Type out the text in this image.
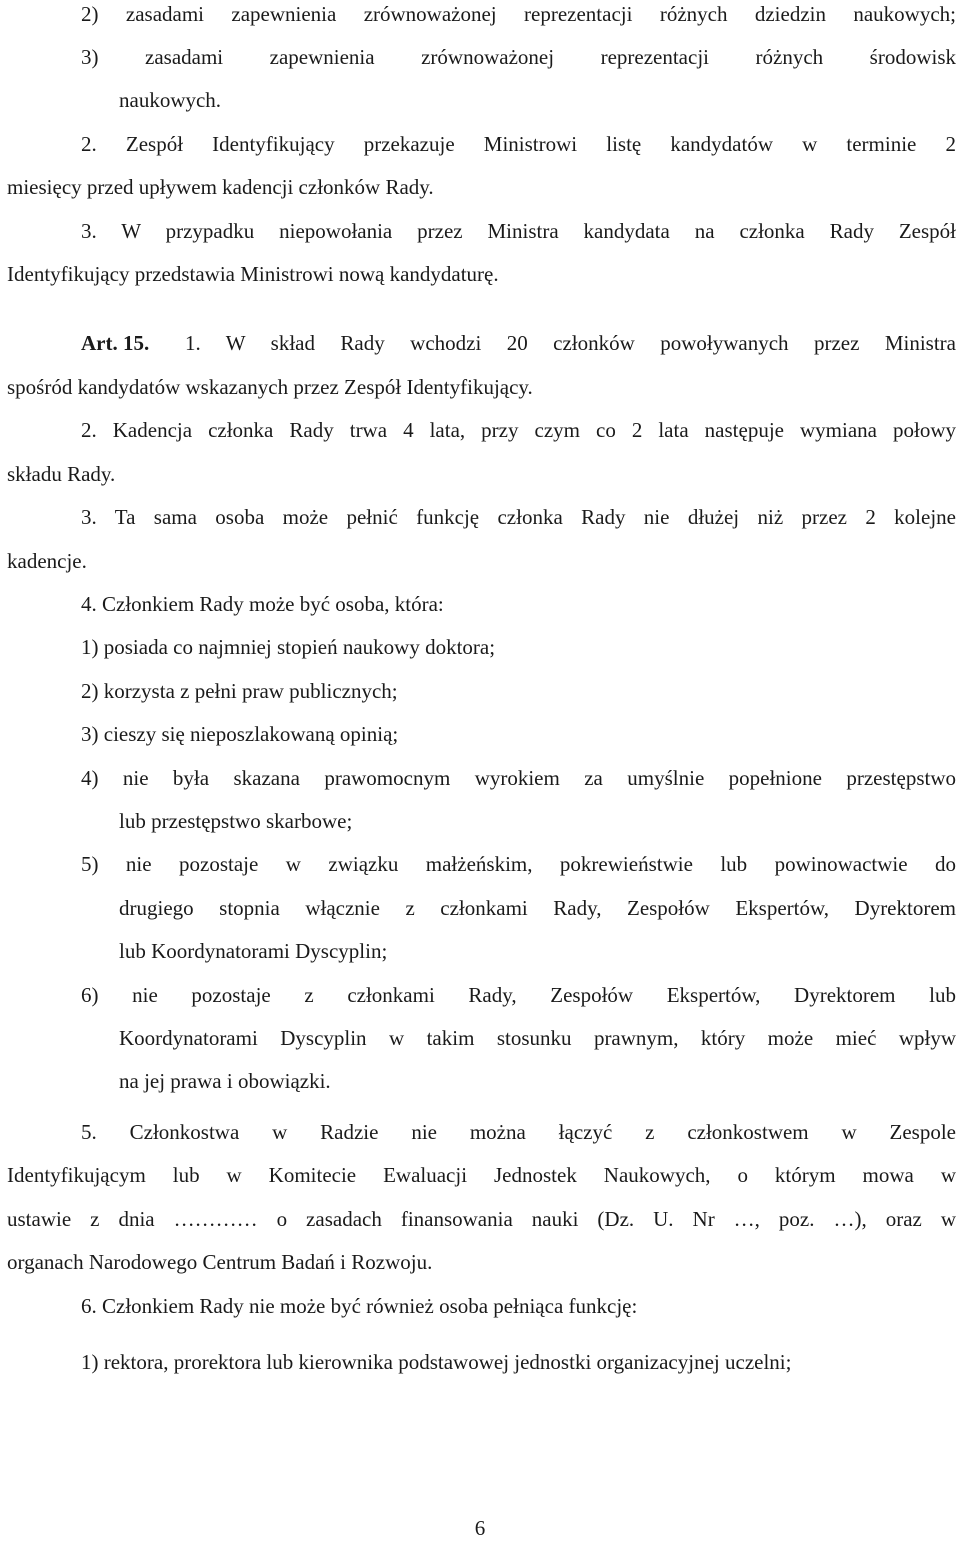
2) zasadami zapewnienia zrównoważonej reprezentacji różnych dziedzin naukowych;
3) zasadami zapewnienia zrównoważonej reprezentacji różnych środowisk
naukowych.
2. Zespół Identyfikujący przekazuje Ministrowi listę kandydatów w terminie 2
miesięcy przed upływem kadencji członków Rady.
3. W przypadku niepowołania przez Ministra kandydata na członka Rady Zespół
Identyfikujący przedstawia Ministrowi nową kandydaturę.
Art. 15. 1. W skład Rady wchodzi 20 członków powoływanych przez Ministra
spośród kandydatów wskazanych przez Zespół Identyfikujący.
2. Kadencja członka Rady trwa 4 lata, przy czym co 2 lata następuje wymiana połowy
składu Rady.
3. Ta sama osoba może pełnić funkcję członka Rady nie dłużej niż przez 2 kolejne
kadencje.
4. Członkiem Rady może być osoba, która:
1) posiada co najmniej stopień naukowy doktora;
2) korzysta z pełni praw publicznych;
3) cieszy się nieposzlakowaną opinią;
4) nie była skazana prawomocnym wyrokiem za umyślnie popełnione przestępstwo
lub przestępstwo skarbowe;
5) nie pozostaje w związku małżeńskim, pokrewieństwie lub powinowactwie do
drugiego stopnia włącznie z członkami Rady, Zespołów Ekspertów, Dyrektorem
lub Koordynatorami Dyscyplin;
6) nie pozostaje z członkami Rady, Zespołów Ekspertów, Dyrektorem lub
Koordynatorami Dyscyplin w takim stosunku prawnym, który może mieć wpływ
na jej prawa i obowiązki.
5. Członkostwa w Radzie nie można łączyć z członkostwem w Zespole
Identyfikującym lub w Komitecie Ewaluacji Jednostek Naukowych, o którym mowa w
ustawie z dnia ………… o zasadach finansowania nauki (Dz. U. Nr …, poz. …), oraz w
organach Narodowego Centrum Badań i Rozwoju.
6. Członkiem Rady nie może być również osoba pełniąca funkcję:
1) rektora, prorektora lub kierownika podstawowej jednostki organizacyjnej uczelni;
6
